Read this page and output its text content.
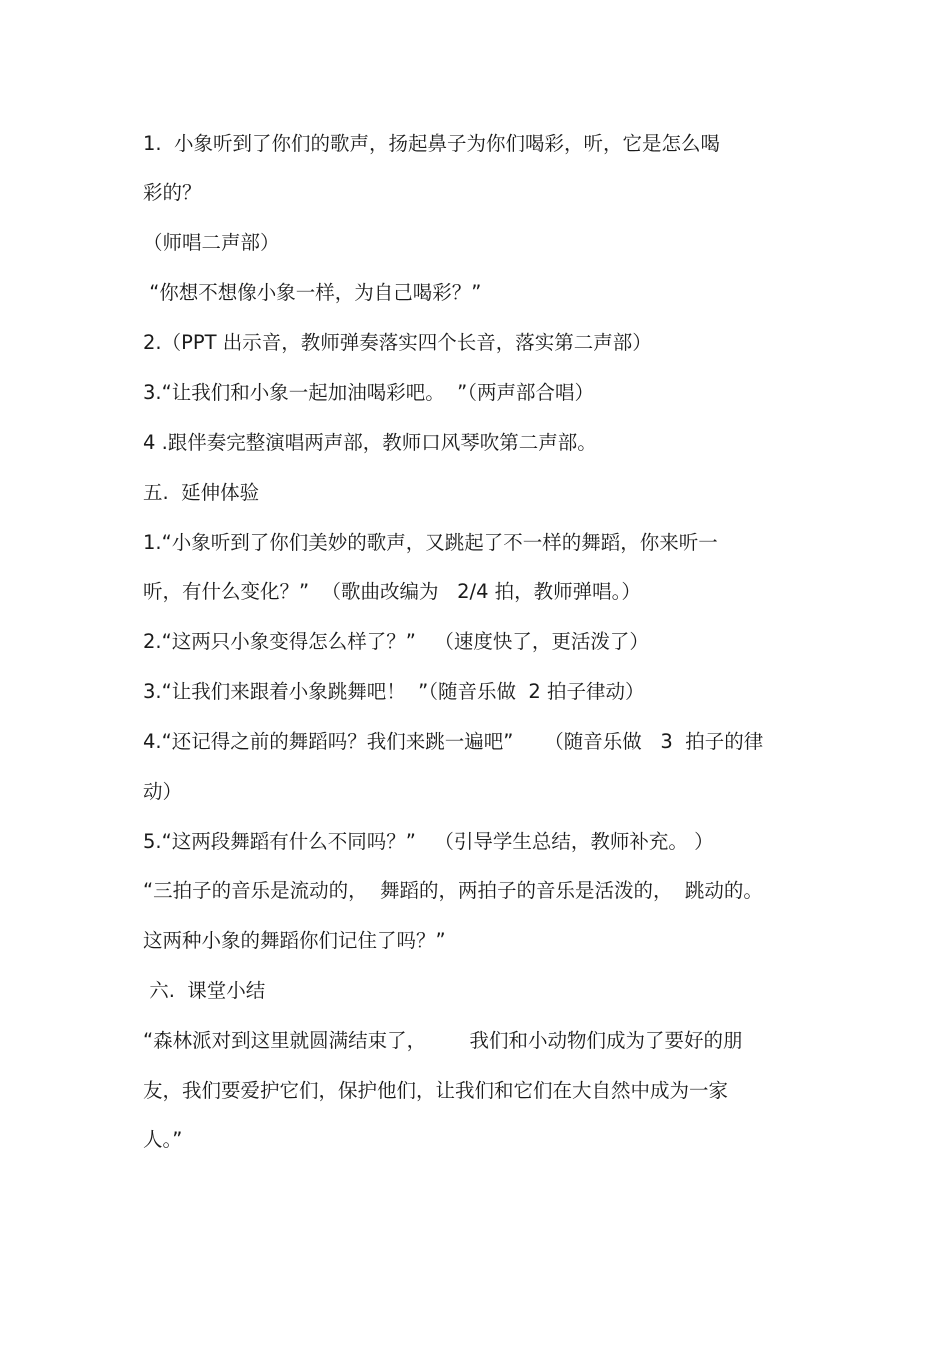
1.  小象听到了你们的歌声，扬起鼻子为你们喝彩，听，它是怎么喝
彩的？
（师唱二声部）
“你想不想像小象一样，为自己喝彩？”
2.（PPT 出示音，教师弹奏落实四个长音，落实第二声部）
3.“让我们和小象一起加油喝彩吧。  ”（两声部合唱）
4 .跟伴奏完整演唱两声部，教师口风琴吹第二声部。
五.  延伸体验
1.“小象听到了你们美妙的歌声，又跳起了不一样的舞蹈，你来听一
听，有什么变化？”  （歌曲改编为   2/4 拍，教师弹唱。）
2.“这两只小象变得怎么样了？”   （速度快了，更活泼了）
3.“让我们来跟着小象跳舞吧！  ”（随音乐做  2 拍子律动）
4.“还记得之前的舞蹈吗？我们来跳一遍吧”     （随音乐做   3  拍子的律
动）
5.“这两段舞蹈有什么不同吗？”   （引导学生总结，教师补充。 ）
“三拍子的音乐是流动的，  舞蹈的，两拍子的音乐是活泼的，  跳动的。
这两种小象的舞蹈你们记住了吗？”
六.  课堂小结
“森林派对到这里就圆满结束了，       我们和小动物们成为了要好的朋
友，我们要爱护它们，保护他们，让我们和它们在大自然中成为一家
人。”
